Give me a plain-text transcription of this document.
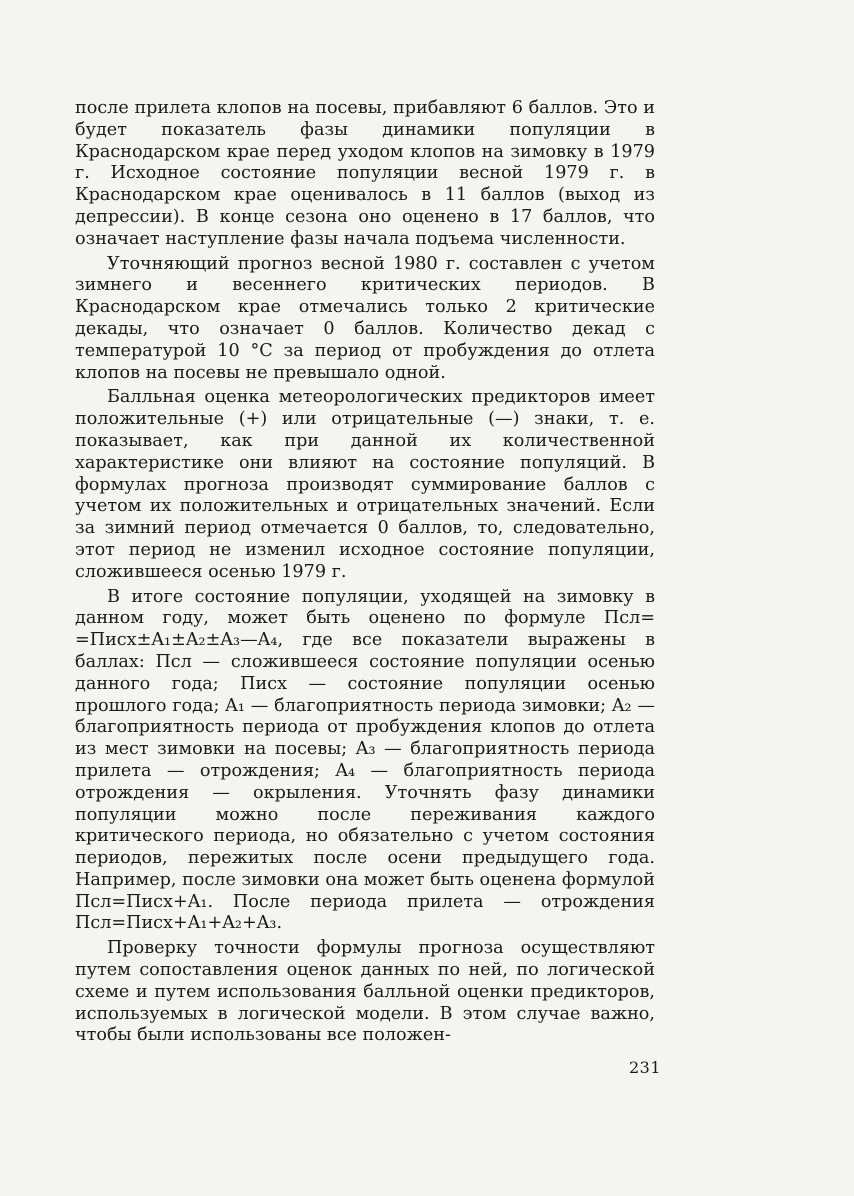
после прилета клопов на посевы, прибавляют 6 баллов. Это и будет показатель фазы динамики популяции в Краснодарском крае перед уходом клопов на зимовку в 1979 г. Исходное состояние популяции весной 1979 г. в Краснодарском крае оценивалось в 11 баллов (выход из депрессии). В конце сезона оно оценено в 17 баллов, что означает наступление фазы начала подъема численности.

Уточняющий прогноз весной 1980 г. составлен с учетом зимнего и весеннего критических периодов. В Краснодарском крае отмечались только 2 критические декады, что означает 0 баллов. Количество декад с температурой 10 °С за период от пробуждения до отлета клопов на посевы не превышало одной.

Балльная оценка метеорологических предикторов имеет положительные (+) или отрицательные (—) знаки, т. е. показывает, как при данной их количественной характеристике они влияют на состояние популяций. В формулах прогноза производят суммирование баллов с учетом их положительных и отрицательных значений. Если за зимний период отмечается 0 баллов, то, следовательно, этот период не изменил исходное состояние популяции, сложившееся осенью 1979 г.

В итоге состояние популяции, уходящей на зимовку в данном году, может быть оценено по формуле Псл= =Писх±A₁±A₂±A₃—A₄, где все показатели выражены в баллах: Псл — сложившееся состояние популяции осенью данного года; Писх — состояние популяции осенью прошлого года; A₁ — благоприятность периода зимовки; A₂ — благоприятность периода от пробуждения клопов до отлета из мест зимовки на посевы; A₃ — благоприятность периода прилета — отрождения; A₄ — благоприятность периода отрождения — окрыления. Уточнять фазу динамики популяции можно после переживания каждого критического периода, но обязательно с учетом состояния периодов, пережитых после осени предыдущего года. Например, после зимовки она может быть оценена формулой Псл=Писх+A₁. После периода прилета — отрождения Псл=Писх+A₁+A₂+A₃.

Проверку точности формулы прогноза осуществляют путем сопоставления оценок данных по ней, по логической схеме и путем использования балльной оценки предикторов, используемых в логической модели. В этом случае важно, чтобы были использованы все положен-

231
